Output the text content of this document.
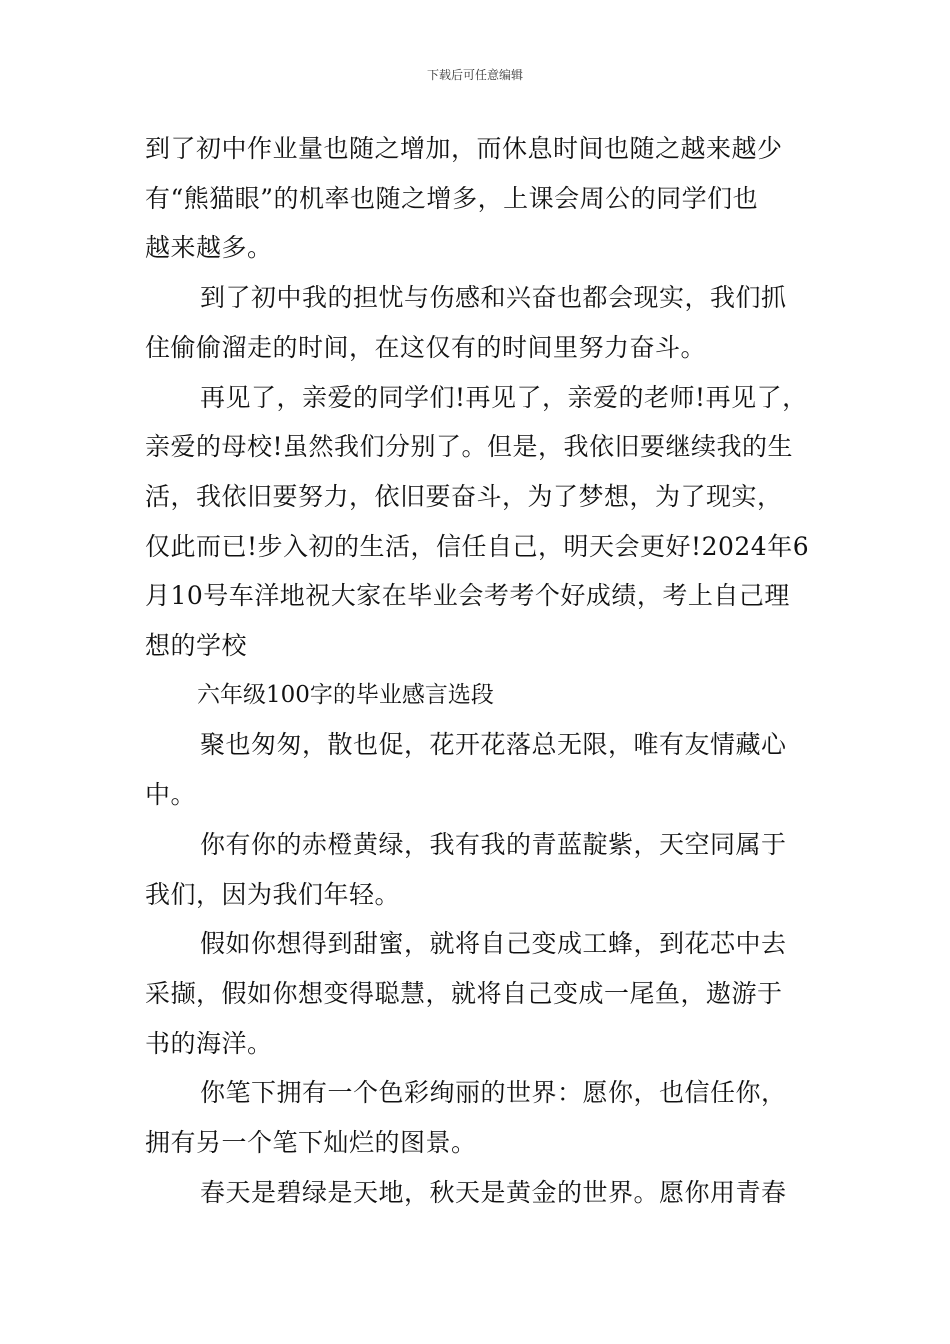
下载后可任意编辑

到了初中作业量也随之增加，而休息时间也随之越来越少
有“熊猫眼”的机率也随之增多，上课会周公的同学们也
越来越多。

到了初中我的担忧与伤感和兴奋也都会现实，我们抓
住偷偷溜走的时间，在这仅有的时间里努力奋斗。

再见了，亲爱的同学们!再见了，亲爱的老师!再见了，
亲爱的母校!虽然我们分别了。但是，我依旧要继续我的生
活，我依旧要努力，依旧要奋斗，为了梦想，为了现实，
仅此而已!步入初的生活，信任自己，明天会更好!2024年6
月10号车洋地祝大家在毕业会考考个好成绩，考上自己理
想的学校

六年级100字的毕业感言选段

聚也匆匆，散也促，花开花落总无限，唯有友情藏心
中。

你有你的赤橙黄绿，我有我的青蓝靛紫，天空同属于
我们，因为我们年轻。

假如你想得到甜蜜，就将自己变成工蜂，到花芯中去
采撷，假如你想变得聪慧，就将自己变成一尾鱼，遨游于
书的海洋。

你笔下拥有一个色彩绚丽的世界：愿你，也信任你，
拥有另一个笔下灿烂的图景。

春天是碧绿是天地，秋天是黄金的世界。愿你用青春
